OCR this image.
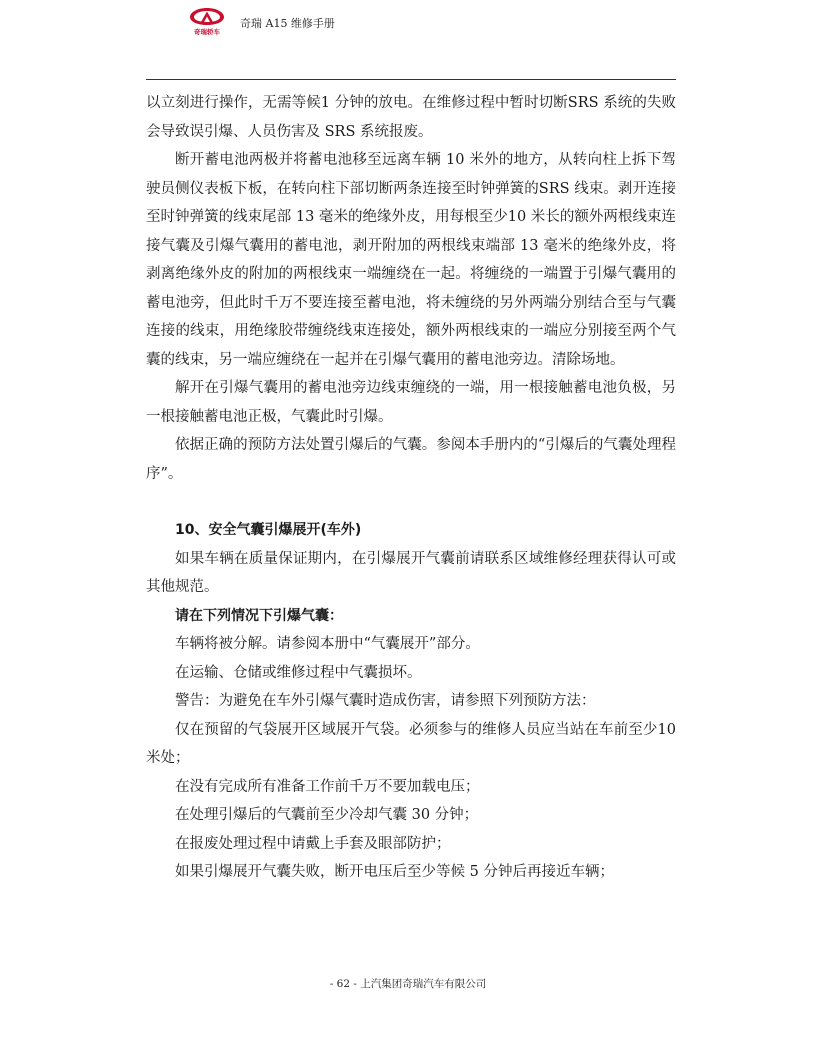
奇瑞轿车
奇瑞 A15 维修手册

以立刻进行操作，无需等候1 分钟的放电。在维修过程中暂时切断SRS 系统的失败会导致误引爆、人员伤害及 SRS 系统报废。

断开蓄电池两极并将蓄电池移至远离车辆 10 米外的地方，从转向柱上拆下驾驶员侧仪表板下板，在转向柱下部切断两条连接至时钟弹簧的SRS 线束。剥开连接至时钟弹簧的线束尾部 13 毫米的绝缘外皮，用每根至少10 米长的额外两根线束连接气囊及引爆气囊用的蓄电池，剥开附加的两根线束端部 13 毫米的绝缘外皮，将剥离绝缘外皮的附加的两根线束一端缠绕在一起。将缠绕的一端置于引爆气囊用的蓄电池旁，但此时千万不要连接至蓄电池，将未缠绕的另外两端分别结合至与气囊连接的线束，用绝缘胶带缠绕线束连接处，额外两根线束的一端应分别接至两个气囊的线束，另一端应缠绕在一起并在引爆气囊用的蓄电池旁边。清除场地。

解开在引爆气囊用的蓄电池旁边线束缠绕的一端，用一根接触蓄电池负极，另一根接触蓄电池正极，气囊此时引爆。

依据正确的预防方法处置引爆后的气囊。参阅本手册内的“引爆后的气囊处理程序”。

10、安全气囊引爆展开(车外)

如果车辆在质量保证期内，在引爆展开气囊前请联系区域维修经理获得认可或其他规范。

请在下列情况下引爆气囊：

车辆将被分解。请参阅本册中“气囊展开”部分。

在运输、仓储或维修过程中气囊损坏。

警告：为避免在车外引爆气囊时造成伤害，请参照下列预防方法：

仅在预留的气袋展开区域展开气袋。必须参与的维修人员应当站在车前至少10 米处；

在没有完成所有准备工作前千万不要加载电压；

在处理引爆后的气囊前至少冷却气囊 30 分钟；

在报废处理过程中请戴上手套及眼部防护；

如果引爆展开气囊失败，断开电压后至少等候 5 分钟后再接近车辆；

- 62 - 上汽集团奇瑞汽车有限公司
